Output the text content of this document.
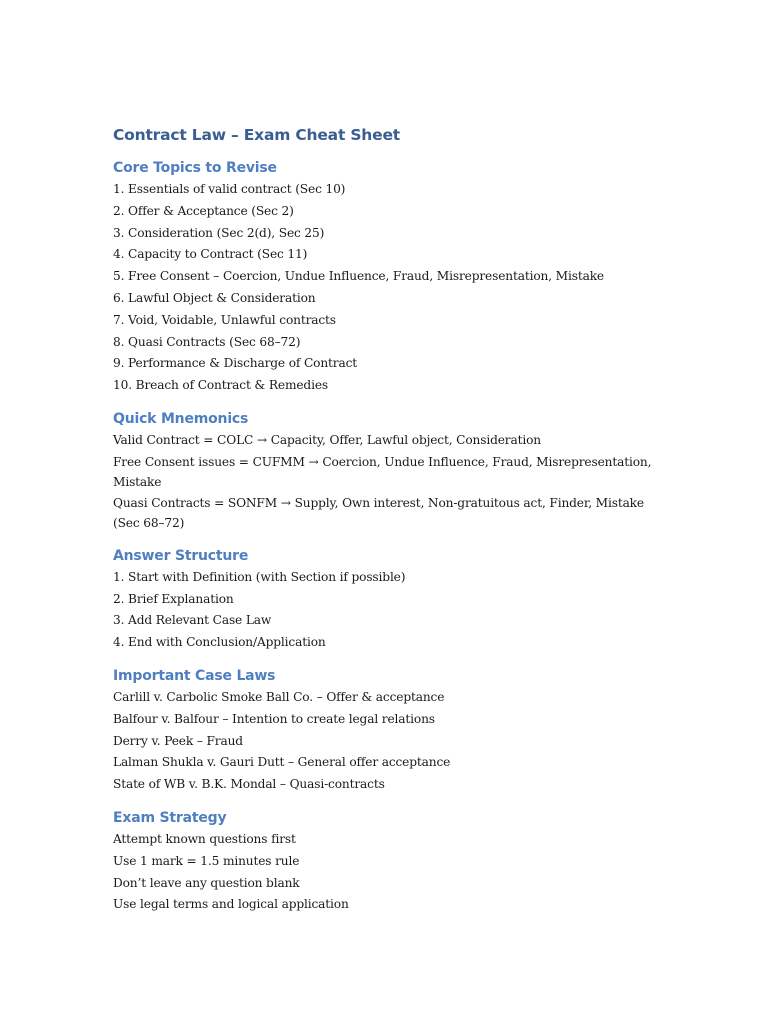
Contract Law – Exam Cheat Sheet
Core Topics to Revise
1. Essentials of valid contract (Sec 10)
2. Offer & Acceptance (Sec 2)
3. Consideration (Sec 2(d), Sec 25)
4. Capacity to Contract (Sec 11)
5. Free Consent – Coercion, Undue Influence, Fraud, Misrepresentation, Mistake
6. Lawful Object & Consideration
7. Void, Voidable, Unlawful contracts
8. Quasi Contracts (Sec 68–72)
9. Performance & Discharge of Contract
10. Breach of Contract & Remedies
Quick Mnemonics
Valid Contract = COLC → Capacity, Offer, Lawful object, Consideration
Free Consent issues = CUFMM → Coercion, Undue Influence, Fraud, Misrepresentation, Mistake
Quasi Contracts = SONFM → Supply, Own interest, Non-gratuitous act, Finder, Mistake (Sec 68–72)
Answer Structure
1. Start with Definition (with Section if possible)
2. Brief Explanation
3. Add Relevant Case Law
4. End with Conclusion/Application
Important Case Laws
Carlill v. Carbolic Smoke Ball Co. – Offer & acceptance
Balfour v. Balfour – Intention to create legal relations
Derry v. Peek – Fraud
Lalman Shukla v. Gauri Dutt – General offer acceptance
State of WB v. B.K. Mondal – Quasi-contracts
Exam Strategy
Attempt known questions first
Use 1 mark = 1.5 minutes rule
Don’t leave any question blank
Use legal terms and logical application
